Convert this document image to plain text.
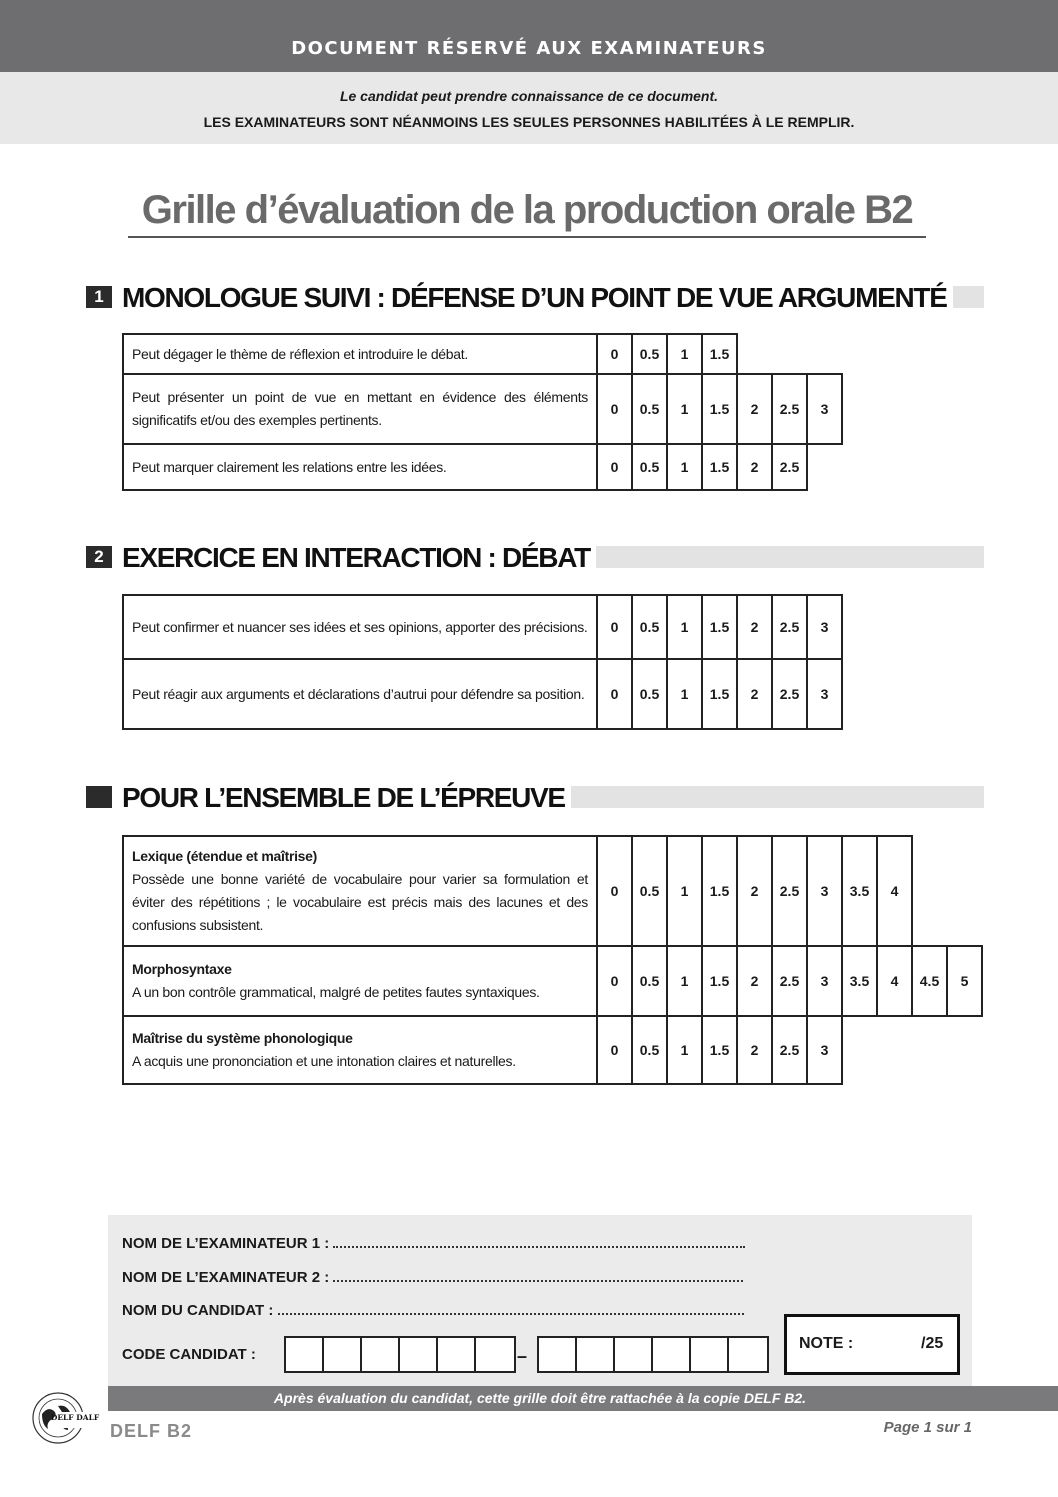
DOCUMENT RÉSERVÉ AUX EXAMINATEURS
Le candidat peut prendre connaissance de ce document.
LES EXAMINATEURS SONT NÉANMOINS LES SEULES PERSONNES HABILITÉES À LE REMPLIR.
Grille d’évaluation de la production orale B2
1 MONOLOGUE SUIVI : DÉFENSE D’UN POINT DE VUE ARGUMENTÉ
Peut dégager le thème de réflexion et introduire le débat.	0	0.5	1	1.5			
Peut présenter un point de vue en mettant en évidence des éléments significatifs et/ou des exemples pertinents.	0	0.5	1	1.5	2	2.5	3
Peut marquer clairement les relations entre les idées.	0	0.5	1	1.5	2	2.5	
2 EXERCICE EN INTERACTION : DÉBAT
Peut confirmer et nuancer ses idées et ses opinions, apporter des précisions.	0	0.5	1	1.5	2	2.5	3
Peut réagir aux arguments et déclarations d’autrui pour défendre sa position.	0	0.5	1	1.5	2	2.5	3
POUR L’ENSEMBLE DE L’ÉPREUVE
Lexique (étendue et maîtrise)
Possède une bonne variété de vocabulaire pour varier sa formulation et éviter des répétitions ; le vocabulaire est précis mais des lacunes et des confusions subsistent.	0	0.5	1	1.5	2	2.5	3	3.5	4		

Morphosyntaxe
A un bon contrôle grammatical, malgré de petites fautes syntaxiques.	0	0.5	1	1.5	2	2.5	3	3.5	4	4.5	5

Maîtrise du système phonologique
A acquis une prononciation et une intonation claires et naturelles.	0	0.5	1	1.5	2	2.5	3				
NOM DE L’EXAMINATEUR 1 :
NOM DE L’EXAMINATEUR 2 :
NOM DU CANDIDAT :
CODE CANDIDAT :	–
NOTE :	/25
Après évaluation du candidat, cette grille doit être rattachée à la copie DELF B2.
DELF DALF
DELF B2	Page 1 sur 1
